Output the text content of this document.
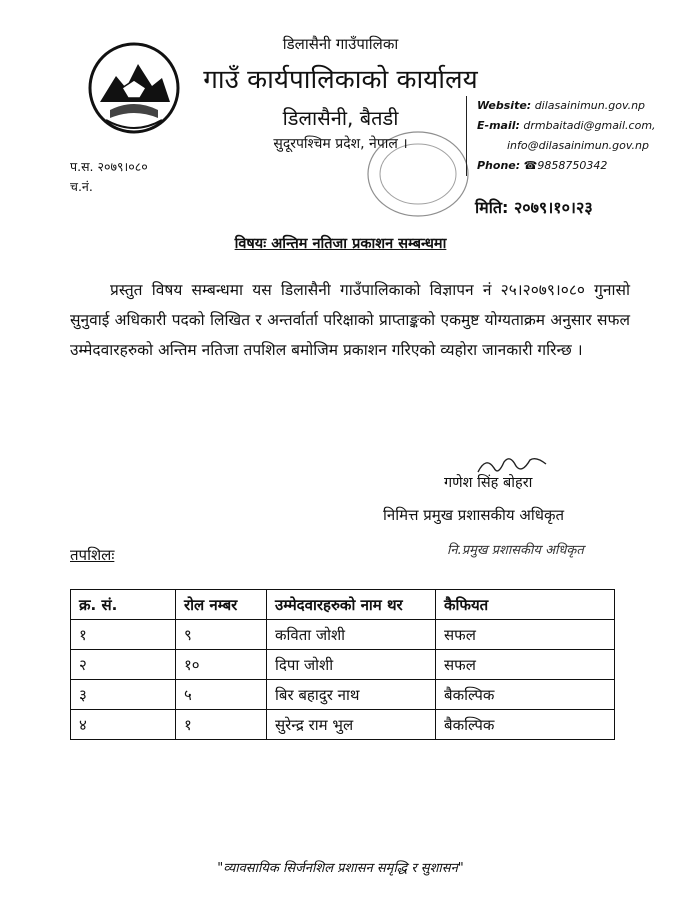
डिलासैनी गाउँपालिका
गाउँ कार्यपालिकाको कार्यालय
डिलासैनी, बैतडी
सुदूरपश्चिम प्रदेश, नेपाल ।
Website: dilasainimun.gov.np
E-mail: drmbaitadi@gmail.com,
info@dilasainimun.gov.np
Phone: ☎9858750342
प.स. २०७९।०८०
च.नं.
मिति: २०७९।१०।२३
विषयः अन्तिम नतिजा प्रकाशन सम्बन्धमा
प्रस्तुत विषय सम्बन्धमा यस डिलासैनी गाउँपालिकाको विज्ञापन नं २५।२०७९।०८० गुनासो सुनुवाई अधिकारी पदको लिखित र अन्तर्वार्ता परिक्षाको प्राप्ताङ्कको एकमुष्ट योग्यताक्रम अनुसार सफल उम्मेदवारहरुको अन्तिम नतिजा तपशिल बमोजिम प्रकाशन गरिएको व्यहोरा जानकारी गरिन्छ ।
गणेश सिंह बोहरा
निमित्त प्रमुख प्रशासकीय अधिकृत
नि.प्रमुख प्रशासकीय अधिकृत
तपशिलः
क्र. सं.	रोल नम्बर	उम्मेदवारहरुको नाम थर	कैफियत
१	९	कविता जोशी	सफल
२	१०	दिपा जोशी	सफल
३	५	बिर बहादुर नाथ	बैकल्पिक
४	१	सुरेन्द्र राम भुल	बैकल्पिक
"व्यावसायिक सिर्जनशिल प्रशासन समृद्धि र सुशासन"
